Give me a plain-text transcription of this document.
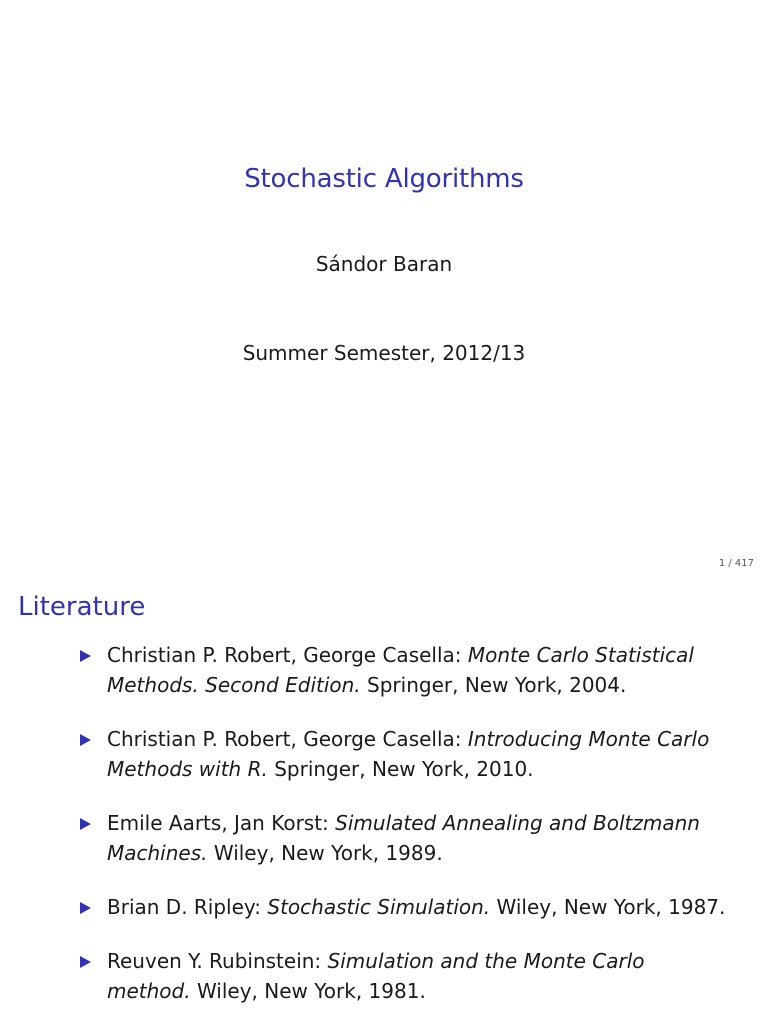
Stochastic Algorithms
Sándor Baran
Summer Semester, 2012/13
1 / 417
Literature
Christian P. Robert, George Casella: Monte Carlo Statistical Methods. Second Edition. Springer, New York, 2004.
Christian P. Robert, George Casella: Introducing Monte Carlo Methods with R. Springer, New York, 2010.
Emile Aarts, Jan Korst: Simulated Annealing and Boltzmann Machines. Wiley, New York, 1989.
Brian D. Ripley: Stochastic Simulation. Wiley, New York, 1987.
Reuven Y. Rubinstein: Simulation and the Monte Carlo method. Wiley, New York, 1981.
